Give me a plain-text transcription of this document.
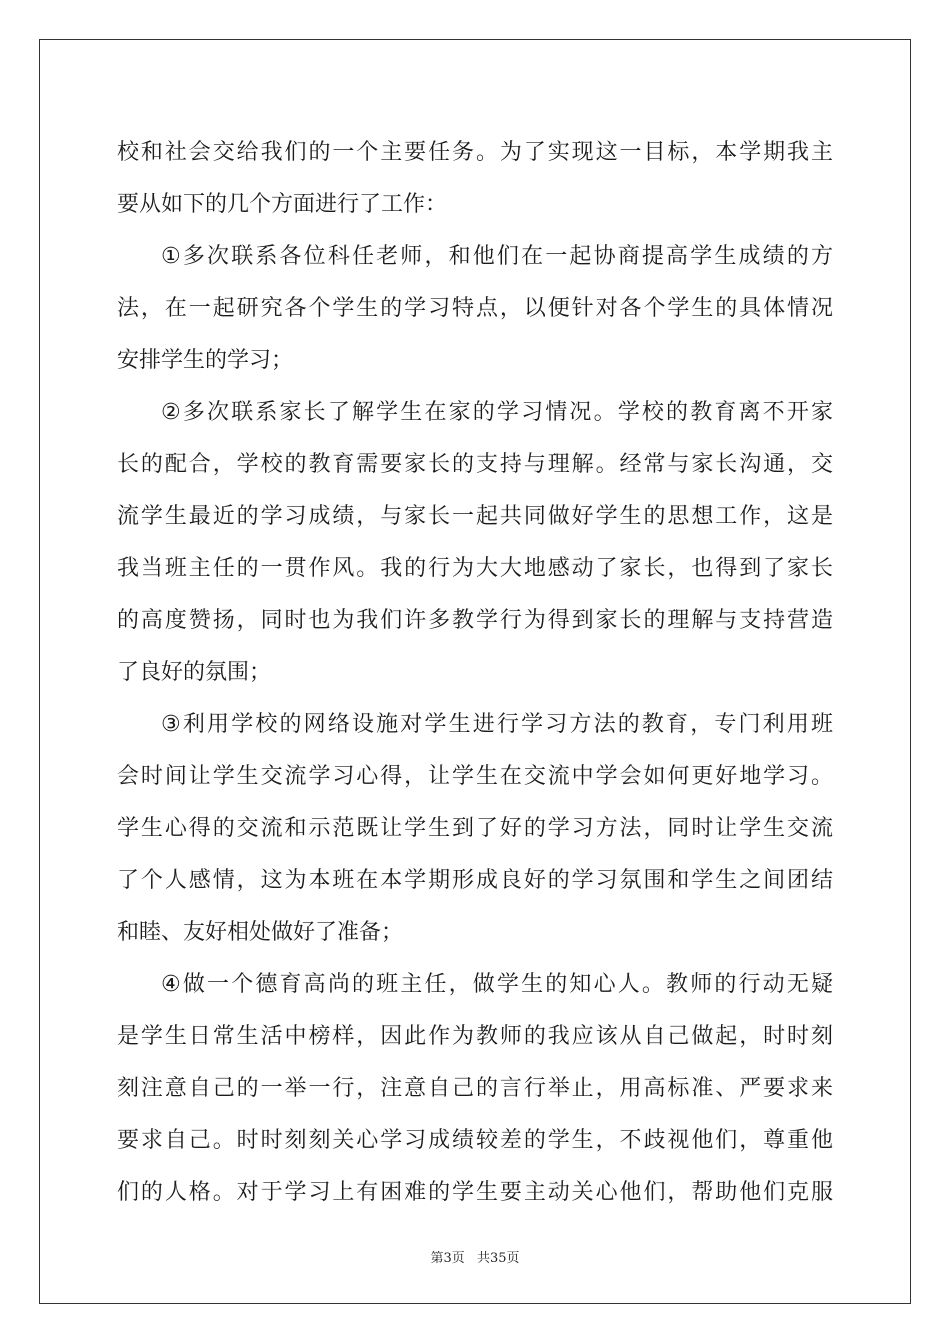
校和社会交给我们的一个主要任务。为了实现这一目标，本学期我主
要从如下的几个方面进行了工作：
①多次联系各位科任老师，和他们在一起协商提高学生成绩的方
法，在一起研究各个学生的学习特点，以便针对各个学生的具体情况
安排学生的学习；
②多次联系家长了解学生在家的学习情况。学校的教育离不开家
长的配合，学校的教育需要家长的支持与理解。经常与家长沟通，交
流学生最近的学习成绩，与家长一起共同做好学生的思想工作，这是
我当班主任的一贯作风。我的行为大大地感动了家长，也得到了家长
的高度赞扬，同时也为我们许多教学行为得到家长的理解与支持营造
了良好的氛围；
③利用学校的网络设施对学生进行学习方法的教育，专门利用班
会时间让学生交流学习心得，让学生在交流中学会如何更好地学习。
学生心得的交流和示范既让学生到了好的学习方法，同时让学生交流
了个人感情，这为本班在本学期形成良好的学习氛围和学生之间团结
和睦、友好相处做好了准备；
④做一个德育高尚的班主任，做学生的知心人。教师的行动无疑
是学生日常生活中榜样，因此作为教师的我应该从自己做起，时时刻
刻注意自己的一举一行，注意自己的言行举止，用高标准、严要求来
要求自己。时时刻刻关心学习成绩较差的学生，不歧视他们，尊重他
们的人格。对于学习上有困难的学生要主动关心他们，帮助他们克服
第3页 共35页
